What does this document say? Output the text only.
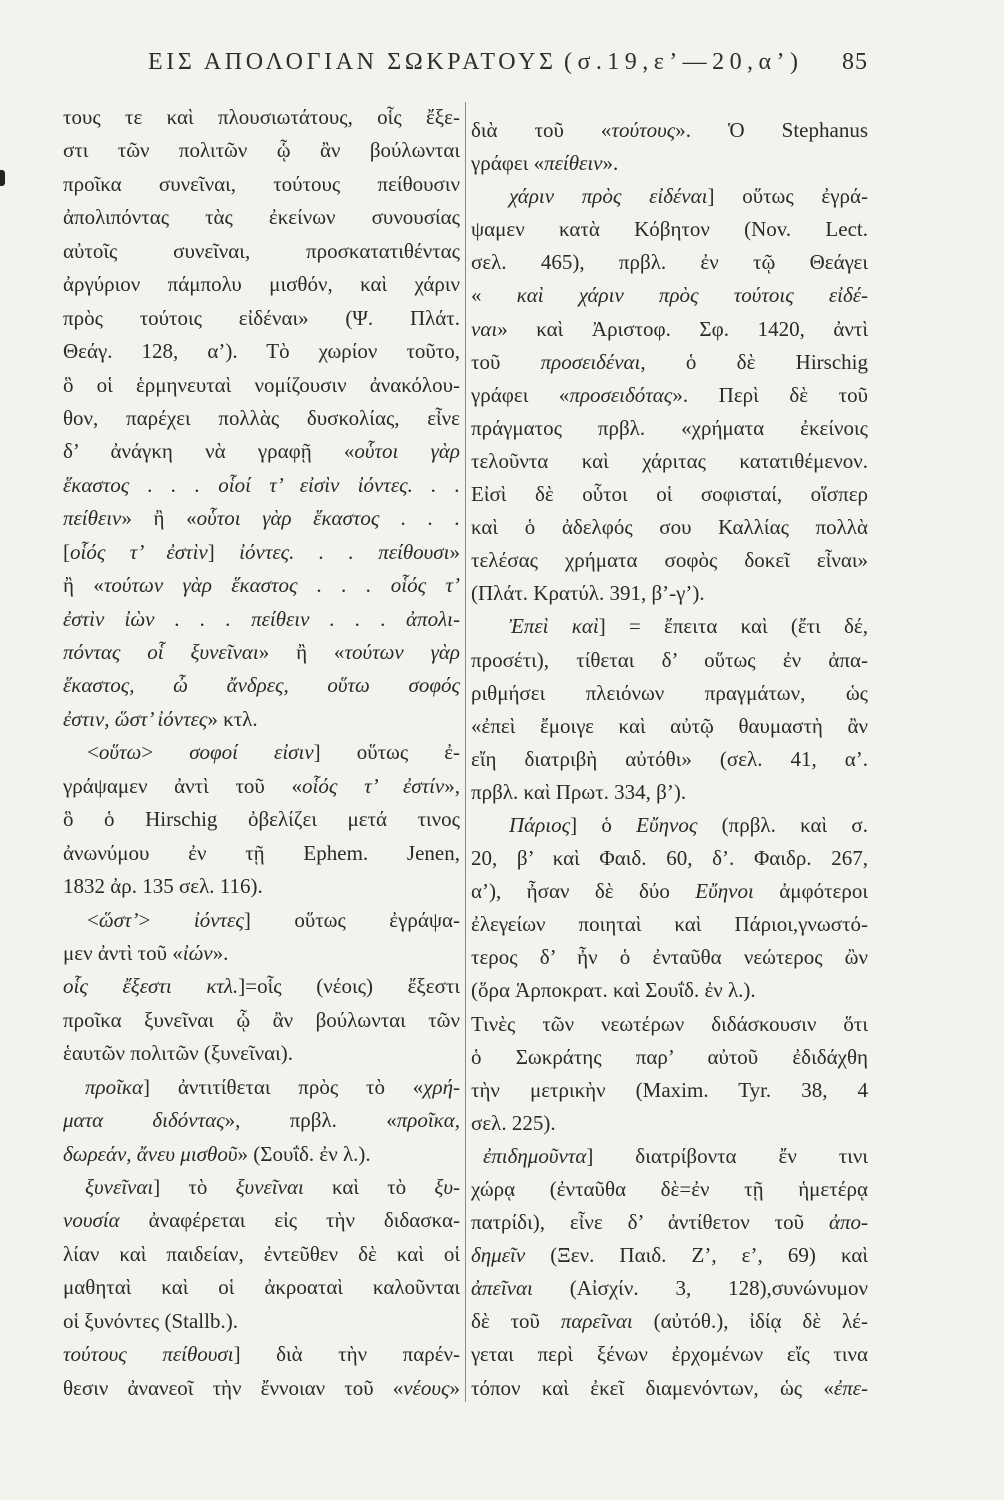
ΕΙΣ ΑΠΟΛΟΓΙΑΝ ΣΩΚΡΑΤΟΥΣ (σ.19,ε’—20,α’)	85
τους τε καὶ πλουσιωτάτους, οἷς ἔξε-
στι τῶν πολιτῶν ᾧ ἂν βούλωνται
προῖκα συνεῖναι, τούτους πείθουσιν
ἀπολιπόντας τὰς ἐκείνων συνουσίας
αὐτοῖς συνεῖναι, προσκατατιθέντας
ἀργύριον πάμπολυ μισθόν, καὶ χάριν
πρὸς τούτοις εἰδέναι» (Ψ. Πλάτ.
Θεάγ. 128, α’). Τὸ χωρίον τοῦτο,
ὃ οἱ ἑρμηνευταὶ νομίζουσιν ἀνακόλου-
θον, παρέχει πολλὰς δυσκολίας, εἶνε
δ’ ἀνάγκη νὰ γραφῇ «οὗτοι γὰρ
ἕκαστος . . . οἷοί τ’ εἰσὶν ἰόντες. . .
πείθειν» ἢ «οὗτοι γὰρ ἕκαστος . . .
[οἷός τ’ ἐστὶν] ἰόντες. . . πείθουσι»
ἢ «τούτων γὰρ ἕκαστος . . . οἷός τ’
ἐστὶν ἰὼν . . . πείθειν . . . ἀπολι-
πόντας οἷ ξυνεῖναι» ἢ «τούτων γὰρ
ἕκαστος, ὦ ἄνδρες, οὕτω σοφός
ἐστιν, ὥστ’ ἰόντες» κτλ.
<οὕτω> σοφοί εἰσιν] οὕτως ἐ-
γράψαμεν ἀντὶ τοῦ «οἷός τ’ ἐστίν»,
ὃ ὁ Hirschig ὀβελίζει μετά τινος
ἀνωνύμου ἐν τῇ Ephem. Jenen,
1832 ἀρ. 135 σελ. 116).
<ὥστ’> ἰόντες] οὕτως ἐγράψα-
μεν ἀντὶ τοῦ «ἰών».
οἷς ἔξεστι κτλ.]=οἷς (νέοις) ἔξεστι
προῖκα ξυνεῖναι ᾧ ἂν βούλωνται τῶν
ἑαυτῶν πολιτῶν (ξυνεῖναι).
προῖκα] ἀντιτίθεται πρὸς τὸ «χρή-
ματα διδόντας», πρβλ. «προῖκα,
δωρεάν, ἄνευ μισθοῦ» (Σουΐδ. ἐν λ.).
ξυνεῖναι] τὸ ξυνεῖναι καὶ τὸ ξυ-
νουσία ἀναφέρεται εἰς τὴν διδασκα-
λίαν καὶ παιδείαν, ἐντεῦθεν δὲ καὶ οἱ
μαθηταὶ καὶ οἱ ἀκροαταὶ καλοῦνται
οἱ ξυνόντες (Stallb.).
τούτους πείθουσι] διὰ τὴν παρέν-
θεσιν ἀνανεοῖ τὴν ἔννοιαν τοῦ «νέους»
διὰ τοῦ «τούτους». Ὁ Stephanus
γράφει «πείθειν».
χάριν πρὸς εἰδέναι] οὕτως ἐγρά-
ψαμεν κατὰ Κόβητον (Nov. Lect.
σελ. 465), πρβλ. ἐν τῷ Θεάγει
« καὶ χάριν πρὸς τούτοις εἰδέ-
ναι» καὶ Ἀριστοφ. Σφ. 1420, ἀντὶ
τοῦ προσειδέναι, ὁ δὲ Hirschig
γράφει «προσειδότας». Περὶ δὲ τοῦ
πράγματος πρβλ. «χρήματα ἐκείνοις
τελοῦντα καὶ χάριτας κατατιθέμενον.
Εἰσὶ δὲ οὗτοι οἱ σοφισταί, οἵσπερ
καὶ ὁ ἀδελφός σου Καλλίας πολλὰ
τελέσας χρήματα σοφὸς δοκεῖ εἶναι»
(Πλάτ. Κρατύλ. 391, β’-γ’).
Ἐπεὶ καὶ] = ἔπειτα καὶ (ἔτι δέ,
προσέτι), τίθεται δ’ οὕτως ἐν ἀπα-
ριθμήσει πλειόνων πραγμάτων, ὡς
«ἐπεὶ ἔμοιγε καὶ αὐτῷ θαυμαστὴ ἂν
εἴη διατριβὴ αὐτόθι» (σελ. 41, α’.
πρβλ. καὶ Πρωτ. 334, β’).
Πάριος] ὁ Εὔηνος (πρβλ. καὶ σ.
20, β’ καὶ Φαιδ. 60, δ’. Φαιδρ. 267,
α’), ἦσαν δὲ δύο Εὔηνοι ἀμφότεροι
ἐλεγείων ποιηταὶ καὶ Πάριοι,γνωστό-
τερος δ’ ἦν ὁ ἐνταῦθα νεώτερος ὢν
(ὅρα Ἁρποκρατ. καὶ Σουΐδ. ἐν λ.).
Τινὲς τῶν νεωτέρων διδάσκουσιν ὅτι
ὁ Σωκράτης παρ’ αὐτοῦ ἐδιδάχθη
τὴν μετρικὴν (Maxim. Tyr. 38, 4
σελ. 225).
ἐπιδημοῦντα] διατρίβοντα ἔν τινι
χώρᾳ (ἐνταῦθα δὲ=ἐν τῇ ἡμετέρᾳ
πατρίδι), εἶνε δ’ ἀντίθετον τοῦ ἀπο-
δημεῖν (Ξεν. Παιδ. Ζ’, ε’, 69) καὶ
ἀπεῖναι (Αἰσχίν. 3, 128),συνώνυμον
δὲ τοῦ παρεῖναι (αὐτόθ.), ἰδίᾳ δὲ λέ-
γεται περὶ ξένων ἐρχομένων εἴς τινα
τόπον καὶ ἐκεῖ διαμενόντων, ὡς «ἐπε-
